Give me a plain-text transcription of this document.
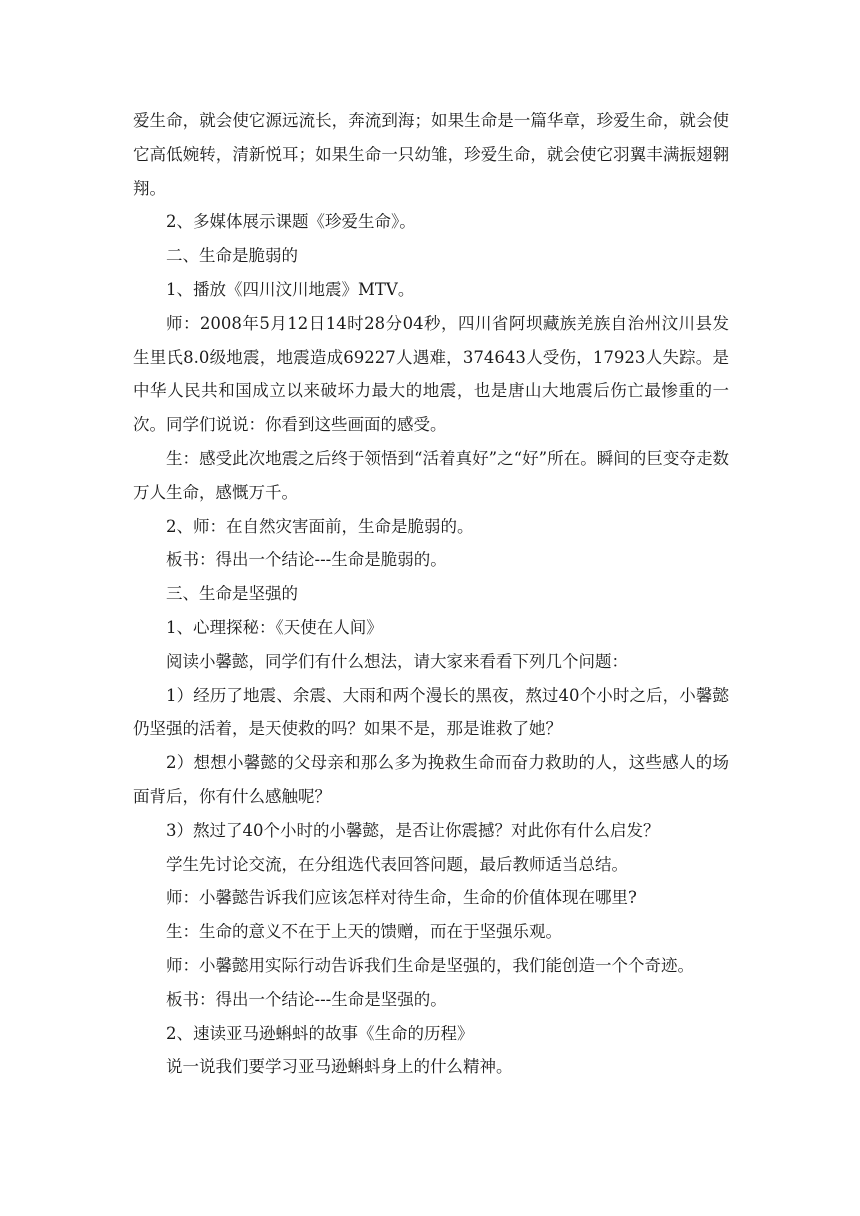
爱生命，就会使它源远流长，奔流到海；如果生命是一篇华章，珍爱生命，就会使它高低婉转，清新悦耳；如果生命一只幼雏，珍爱生命，就会使它羽翼丰满振翅翱翔。

2、多媒体展示课题《珍爱生命》。

二、生命是脆弱的

1、播放《四川汶川地震》MTV。

师：2008年5月12日14时28分04秒，四川省阿坝藏族羌族自治州汶川县发生里氏8.0级地震，地震造成69227人遇难，374643人受伤，17923人失踪。是中华人民共和国成立以来破坏力最大的地震，也是唐山大地震后伤亡最惨重的一次。同学们说说：你看到这些画面的感受。

生：感受此次地震之后终于领悟到“活着真好”之“好”所在。瞬间的巨变夺走数万人生命，感慨万千。

2、师：在自然灾害面前，生命是脆弱的。

板书：得出一个结论---生命是脆弱的。

三、生命是坚强的

1、心理探秘：《天使在人间》

阅读小馨懿，同学们有什么想法，请大家来看看下列几个问题：

1）经历了地震、余震、大雨和两个漫长的黑夜，熬过40个小时之后，小馨懿仍坚强的活着，是天使救的吗？如果不是，那是谁救了她？

2）想想小馨懿的父母亲和那么多为挽救生命而奋力救助的人，这些感人的场面背后，你有什么感触呢？

3）熬过了40个小时的小馨懿，是否让你震撼？对此你有什么启发？

学生先讨论交流，在分组选代表回答问题，最后教师适当总结。

师：小馨懿告诉我们应该怎样对待生命，生命的价值体现在哪里?

生：生命的意义不在于上天的馈赠，而在于坚强乐观。

师：小馨懿用实际行动告诉我们生命是坚强的，我们能创造一个个奇迹。

板书：得出一个结论---生命是坚强的。

2、速读亚马逊蝌蚪的故事《生命的历程》

说一说我们要学习亚马逊蝌蚪身上的什么精神。
